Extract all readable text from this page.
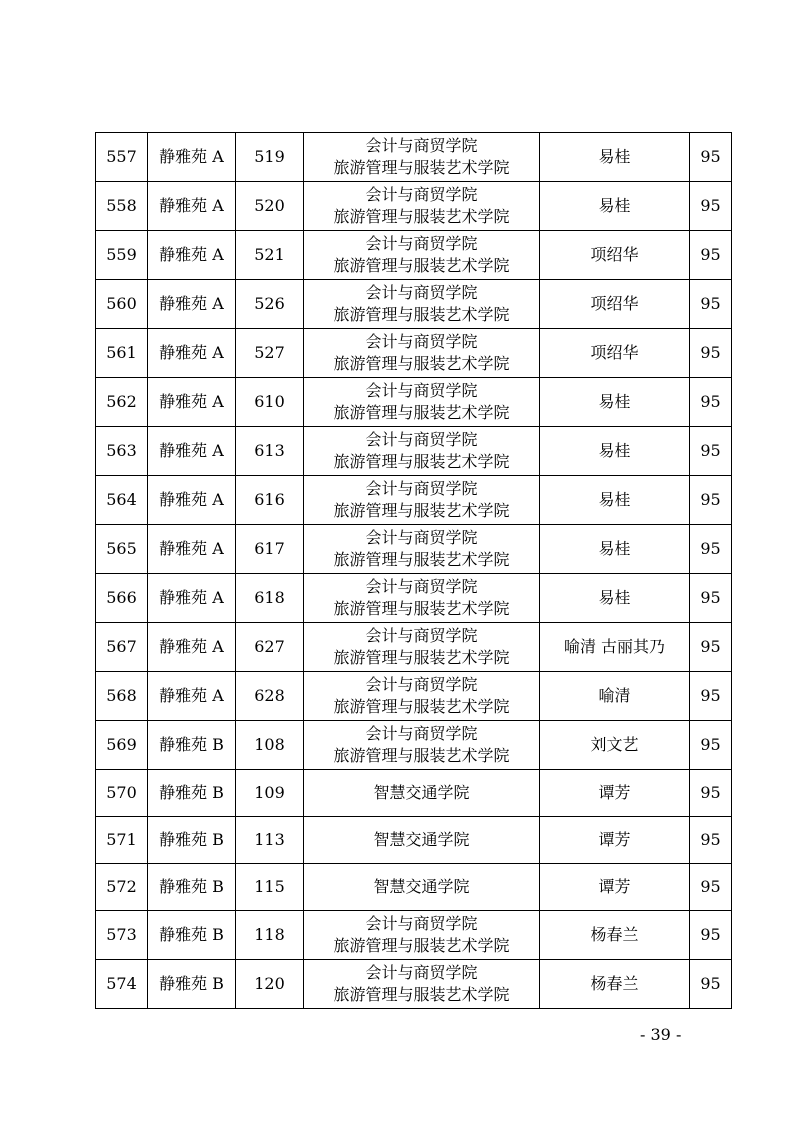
557	静雅苑 A	519	会计与商贸学院
旅游管理与服装艺术学院	易桂	95
558	静雅苑 A	520	会计与商贸学院
旅游管理与服装艺术学院	易桂	95
559	静雅苑 A	521	会计与商贸学院
旅游管理与服装艺术学院	项绍华	95
560	静雅苑 A	526	会计与商贸学院
旅游管理与服装艺术学院	项绍华	95
561	静雅苑 A	527	会计与商贸学院
旅游管理与服装艺术学院	项绍华	95
562	静雅苑 A	610	会计与商贸学院
旅游管理与服装艺术学院	易桂	95
563	静雅苑 A	613	会计与商贸学院
旅游管理与服装艺术学院	易桂	95
564	静雅苑 A	616	会计与商贸学院
旅游管理与服装艺术学院	易桂	95
565	静雅苑 A	617	会计与商贸学院
旅游管理与服装艺术学院	易桂	95
566	静雅苑 A	618	会计与商贸学院
旅游管理与服装艺术学院	易桂	95
567	静雅苑 A	627	会计与商贸学院
旅游管理与服装艺术学院	喻清 古丽其乃	95
568	静雅苑 A	628	会计与商贸学院
旅游管理与服装艺术学院	喻清	95
569	静雅苑 B	108	会计与商贸学院
旅游管理与服装艺术学院	刘文艺	95
570	静雅苑 B	109	智慧交通学院	谭芳	95
571	静雅苑 B	113	智慧交通学院	谭芳	95
572	静雅苑 B	115	智慧交通学院	谭芳	95
573	静雅苑 B	118	会计与商贸学院
旅游管理与服装艺术学院	杨春兰	95
574	静雅苑 B	120	会计与商贸学院
旅游管理与服装艺术学院	杨春兰	95
- 39 -
